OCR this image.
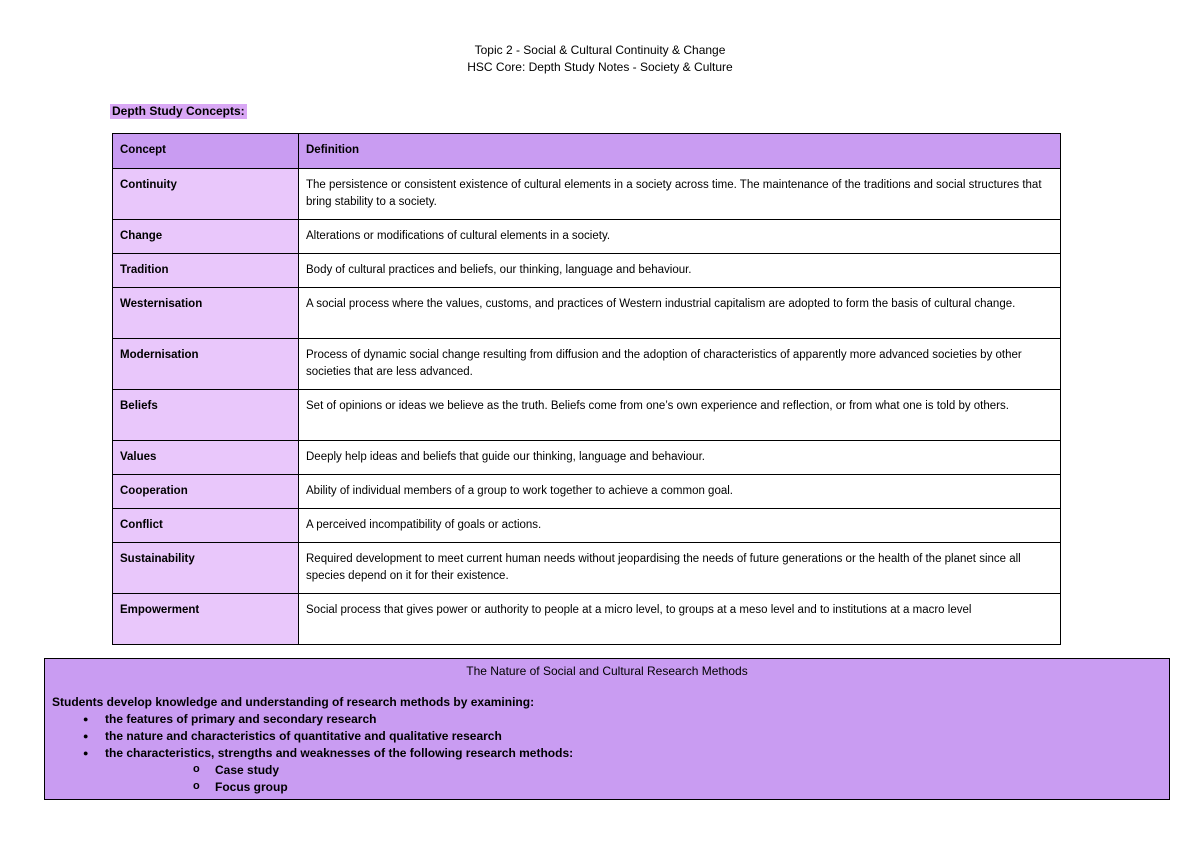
Topic 2 - Social & Cultural Continuity & Change
HSC Core: Depth Study Notes - Society & Culture
Depth Study Concepts:
Concept	Definition
Continuity	The persistence or consistent existence of cultural elements in a society across time. The maintenance of the traditions and social structures that bring stability to a society.
Change	Alterations or modifications of cultural elements in a society.
Tradition	Body of cultural practices and beliefs, our thinking, language and behaviour.
Westernisation	A social process where the values, customs, and practices of Western industrial capitalism are adopted to form the basis of cultural change.
Modernisation	Process of dynamic social change resulting from diffusion and the adoption of characteristics of apparently more advanced societies by other societies that are less advanced.
Beliefs	Set of opinions or ideas we believe as the truth. Beliefs come from one’s own experience and reflection, or from what one is told by others.
Values	Deeply help ideas and beliefs that guide our thinking, language and behaviour.
Cooperation	Ability of individual members of a group to work together to achieve a common goal.
Conflict	A perceived incompatibility of goals or actions.
Sustainability	Required development to meet current human needs without jeopardising the needs of future generations or the health of the planet since all species depend on it for their existence.
Empowerment	Social process that gives power or authority to people at a micro level, to groups at a meso level and to institutions at a macro level
The Nature of Social and Cultural Research Methods
Students develop knowledge and understanding of research methods by examining:
● the features of primary and secondary research
● the nature and characteristics of quantitative and qualitative research
● the characteristics, strengths and weaknesses of the following research methods:
o Case study
o Focus group
